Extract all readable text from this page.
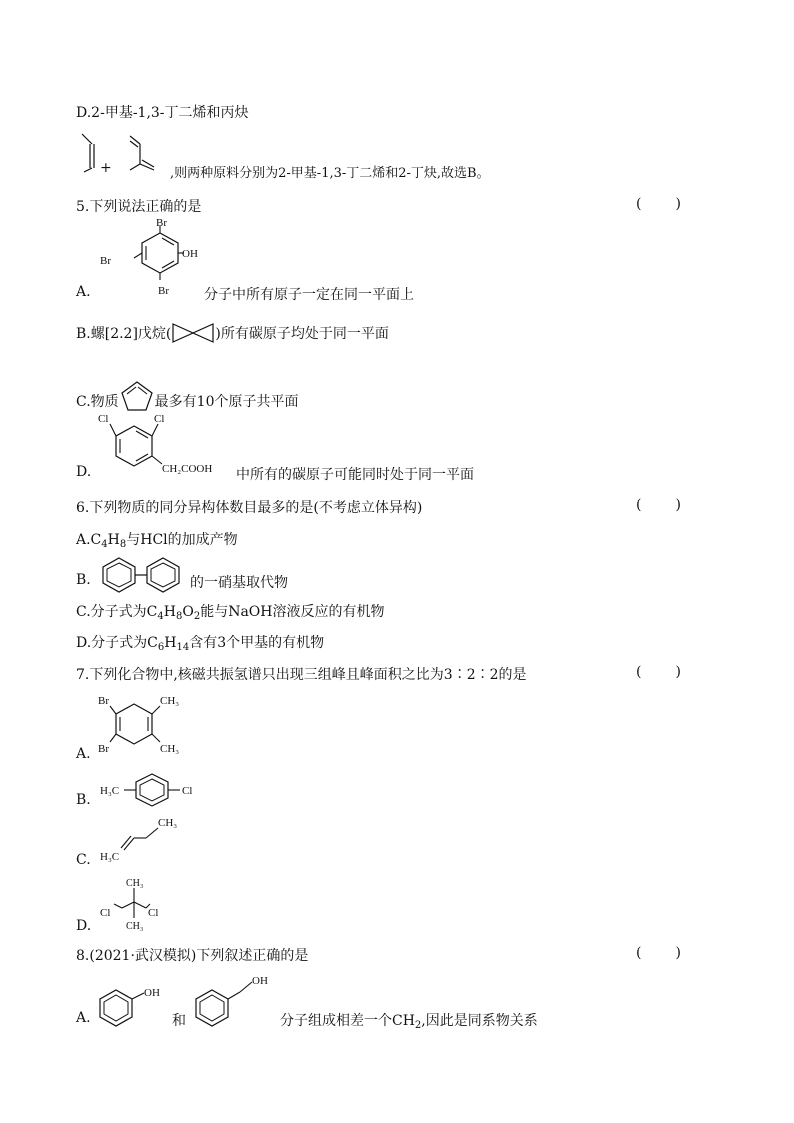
D.2-甲基-1,3-丁二烯和丙炔
+	,则两种原料分别为2-甲基-1,3-丁二烯和2-丁炔,故选B。
5.下列说法正确的是	( )
A.
Br
Br
Br
OH
分子中所有原子一定在同一平面上
B.螺[2.2]戊烷(	)所有碳原子均处于同一平面
C.物质	最多有10个原子共平面
D.
Cl	Cl
CH₂COOH 中所有的碳原子可能同时处于同一平面
6.下列物质的同分异构体数目最多的是(不考虑立体异构)	( )
$A.C_4H_8$与HCl的加成产物
B.	的一硝基取代物
C.分子式为$C_4H_8O_2$能与NaOH溶液反应的有机物
D.分子式为$C_6H_{14}$含有3个甲基的有机物
7.下列化合物中,核磁共振氢谱只出现三组峰且峰面积之比为3∶2∶2的是	( )
A.
Br
Br
CH₃
CH₃
B.
H₃C	Cl
C.
CH₃
H₃C
D.
CH₃
Cl	Cl
CH₃
8.(2021·武汉模拟)下列叙述正确的是	( )
A.
OH
和
OH
分子组成相差一个$CH_2$,因此是同系物关系
